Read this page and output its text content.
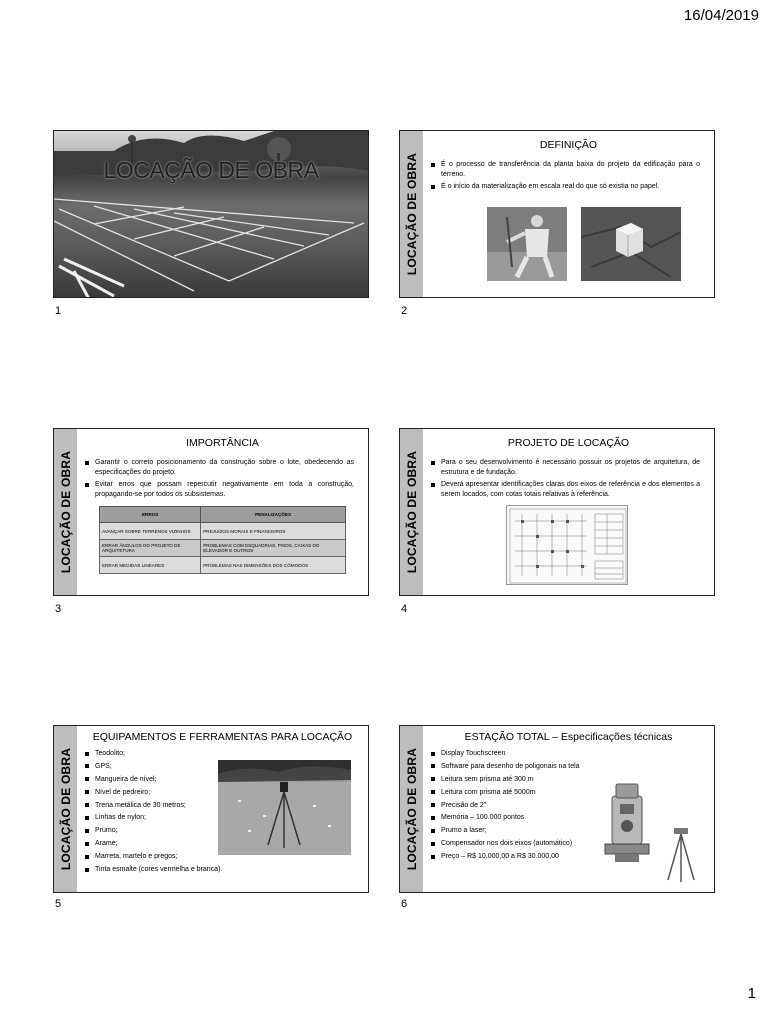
16/04/2019
LOCAÇÃO DE OBRA
1
LOCAÇÃO DE OBRA
DEFINIÇÃO
É o processo de transferência da planta baixa do projeto da edificação para o terreno.
É o início da materialização em escala real do que só existia no papel.
2
LOCAÇÃO DE OBRA
IMPORTÂNCIA
Garantir o correto posicionamento da construção sobre o lote, obedecendo as especificações do projeto.
Evitar erros que possam repercutir negativamente em toda a construção, propagando-se por todos os subsistemas.
ERROS	PENALIZAÇÕES
AVANÇAR SOBRE TERRENOS VIZINHOS	PREJUÍZOS MORAIS E FINANCEIROS
ERRAR ÂNGULOS DO PROJETO DE ARQUITETURA	PROBLEMAS COM ESQUADRIAS, PISOS, CAIXAS DO ELEVADOR E OUTROS
ERRAR MEDIDAS LINEARES	PROBLEMAS NAS DIMENSÕES DOS CÔMODOS
3
LOCAÇÃO DE OBRA
PROJETO DE LOCAÇÃO
Para o seu desenvolvimento é necessário possuir os projetos de arquitetura, de estrutura e de fundação.
Deverá apresentar identificações claras dos eixos de referência e dos elementos a serem locados, com cotas totais relativas à referência.
4
LOCAÇÃO DE OBRA
EQUIPAMENTOS E FERRAMENTAS PARA LOCAÇÃO
Teodolito;
GPS;
Mangueira de nível;
Nível de pedreiro;
Trena metálica de 30 metros;
Linhas de nylon;
Prumo;
Arame;
Marreta, martelo e pregos;
Tinta esmalte (cores vermelha e branca).
5
LOCAÇÃO DE OBRA
ESTAÇÃO TOTAL – Especificações técnicas
Display Touchscreen
Software para desenho de poligonais na tela
Leitura sem prisma até 300 m
Leitura com prisma até 5000m
Precisão de 2"
Memória – 100.000 pontos
Prumo a laser;
Compensador nos dois eixos (automático)
Preço – R$ 10.000,00 a R$ 30.000,00
6
1
